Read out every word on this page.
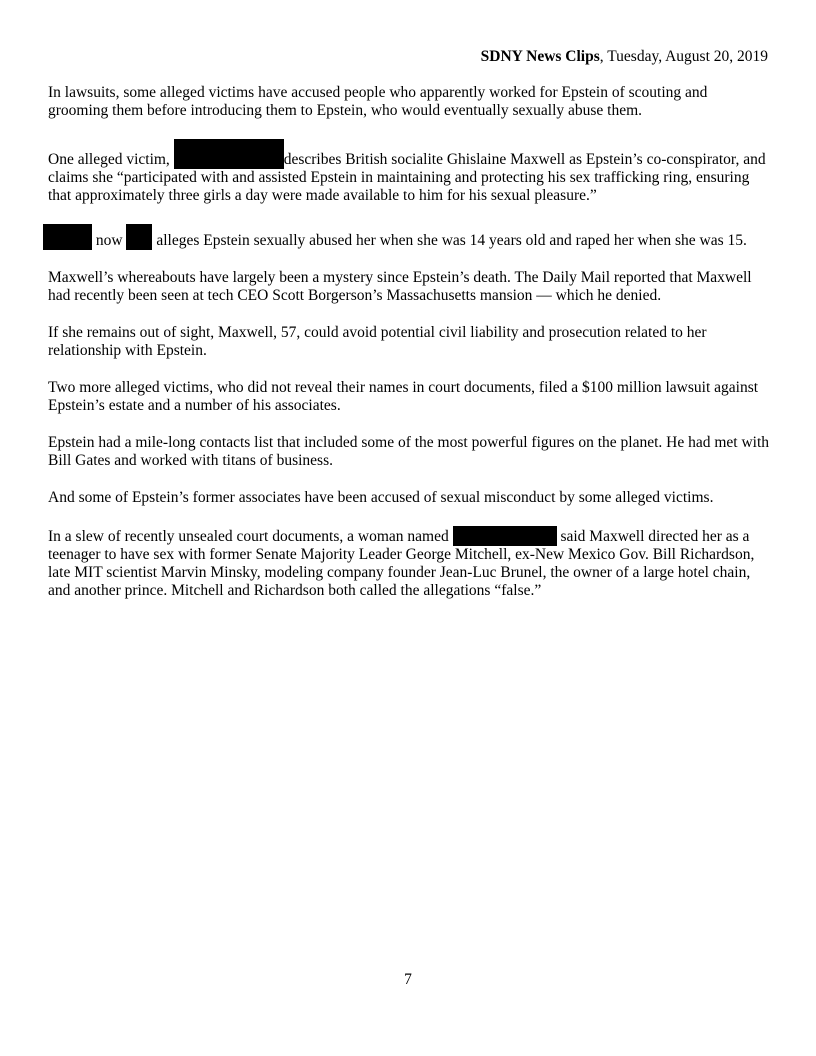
SDNY News Clips, Tuesday, August 20, 2019

In lawsuits, some alleged victims have accused people who apparently worked for Epstein of scouting and grooming them before introducing them to Epstein, who would eventually sexually abuse them.

One alleged victim,	describes British socialite Ghislaine Maxwell as Epstein’s co-conspirator, and claims she “participated with and assisted Epstein in maintaining and protecting his sex trafficking ring, ensuring that approximately three girls a day were made available to him for his sexual pleasure.”

now  alleges Epstein sexually abused her when she was 14 years old and raped her when she was 15.

Maxwell’s whereabouts have largely been a mystery since Epstein’s death. The Daily Mail reported that Maxwell had recently been seen at tech CEO Scott Borgerson’s Massachusetts mansion — which he denied.

If she remains out of sight, Maxwell, 57, could avoid potential civil liability and prosecution related to her relationship with Epstein.

Two more alleged victims, who did not reveal their names in court documents, filed a $100 million lawsuit against Epstein’s estate and a number of his associates.

Epstein had a mile-long contacts list that included some of the most powerful figures on the planet. He had met with Bill Gates and worked with titans of business.

And some of Epstein’s former associates have been accused of sexual misconduct by some alleged victims.

In a slew of recently unsealed court documents, a woman named	said Maxwell directed her as a teenager to have sex with former Senate Majority Leader George Mitchell, ex-New Mexico Gov. Bill Richardson, late MIT scientist Marvin Minsky, modeling company founder Jean-Luc Brunel, the owner of a large hotel chain, and another prince. Mitchell and Richardson both called the allegations “false.”

7
